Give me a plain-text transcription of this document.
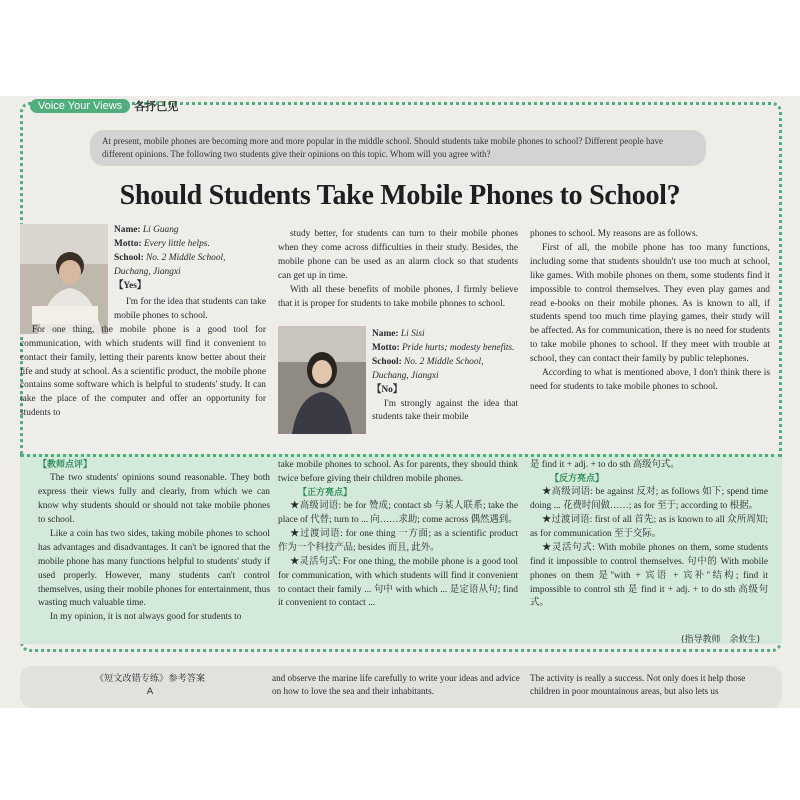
Voice Your Views	各抒己见
At present, mobile phones are becoming more and more popular in the middle school. Should students take mobile phones to school? Different people have different opinions. The following two students give their opinions on this topic. Whom will you agree with?
Should Students Take Mobile Phones to School?
Name: Li Guang
Motto: Every little helps.
School: No. 2 Middle School, Duchang, Jiangxi
【Yes】

I'm for the idea that students can take mobile phones to school.

For one thing, the mobile phone is a good tool for communication, with which students will find it convenient to contact their family, letting their parents know better about their life and study at school. As a scientific product, the mobile phone contains some software which is helpful to students' study. It can take the place of the computer and offer an opportunity for students to

study better, for students can turn to their mobile phones when they come across difficulties in their study. Besides, the mobile phone can be used as an alarm clock so that students can get up in time.

With all these benefits of mobile phones, I firmly believe that it is proper for students to take mobile phones to school.

Name: Li Sisi
Motto: Pride hurts; modesty benefits.
School: No. 2 Middle School, Duchang, Jiangxi
【No】

I'm strongly against the idea that students take their mobile

phones to school. My reasons are as follows.

First of all, the mobile phone has too many functions, including some that students shouldn't use too much at school, like games. With mobile phones on them, some students find it impossible to control themselves. They even play games and read e-books on their mobile phones. As is known to all, if students spend too much time playing games, their study will be affected. As for communication, there is no need for students to take mobile phones to school. If they meet with trouble at school, they can contact their family by public telephones.

According to what is mentioned above, I don't think there is need for students to take mobile phones to school.

【教师点评】

The two students' opinions sound reasonable. They both express their views fully and clearly, from which we can know why students should or should not take mobile phones to school.

Like a coin has two sides, taking mobile phones to school has advantages and disadvantages. It can't be ignored that the mobile phone has many functions helpful to students' study if used properly. However, many students can't control themselves, using their mobile phones for entertainment, thus wasting much valuable time.

In my opinion, it is not always good for students to

take mobile phones to school. As for parents, they should think twice before giving their children mobile phones.

【正方亮点】

★高级词语: be for 赞成; contact sb 与某人联系; take the place of 代替; turn to ... 向……求助; come across 偶然遇到。

★过渡词语: for one thing 一方面; as a scientific product 作为一个科技产品; besides 而且, 此外。

★灵活句式: For one thing, the mobile phone is a good tool for communication, with which students will find it convenient to contact their family ... 句中 with which ... 是定语从句; find it convenient to contact ...

是 find it + adj. + to do sth 高级句式。

【反方亮点】

★高级词语: be against 反对; as follows 如下; spend time doing ... 花费时间做……; as for 至于; according to 根据。

★过渡词语: first of all 首先; as is known to all 众所周知; as for communication 至于交际。

★灵活句式: With mobile phones on them, some students find it impossible to control themselves. 句中的 With mobile phones on them 是"with + 宾语 + 宾补"结构; find it impossible to control sth 是 find it + adj. + to do sth 高级句式。

(指导教师　余攸生)
《短文改错专练》参考答案
A
and observe the marine life carefully to write your ideas and advice on how to love the sea and their inhabitants.
The activity is really a success. Not only does it help those children in poor mountainous areas, but also lets us
